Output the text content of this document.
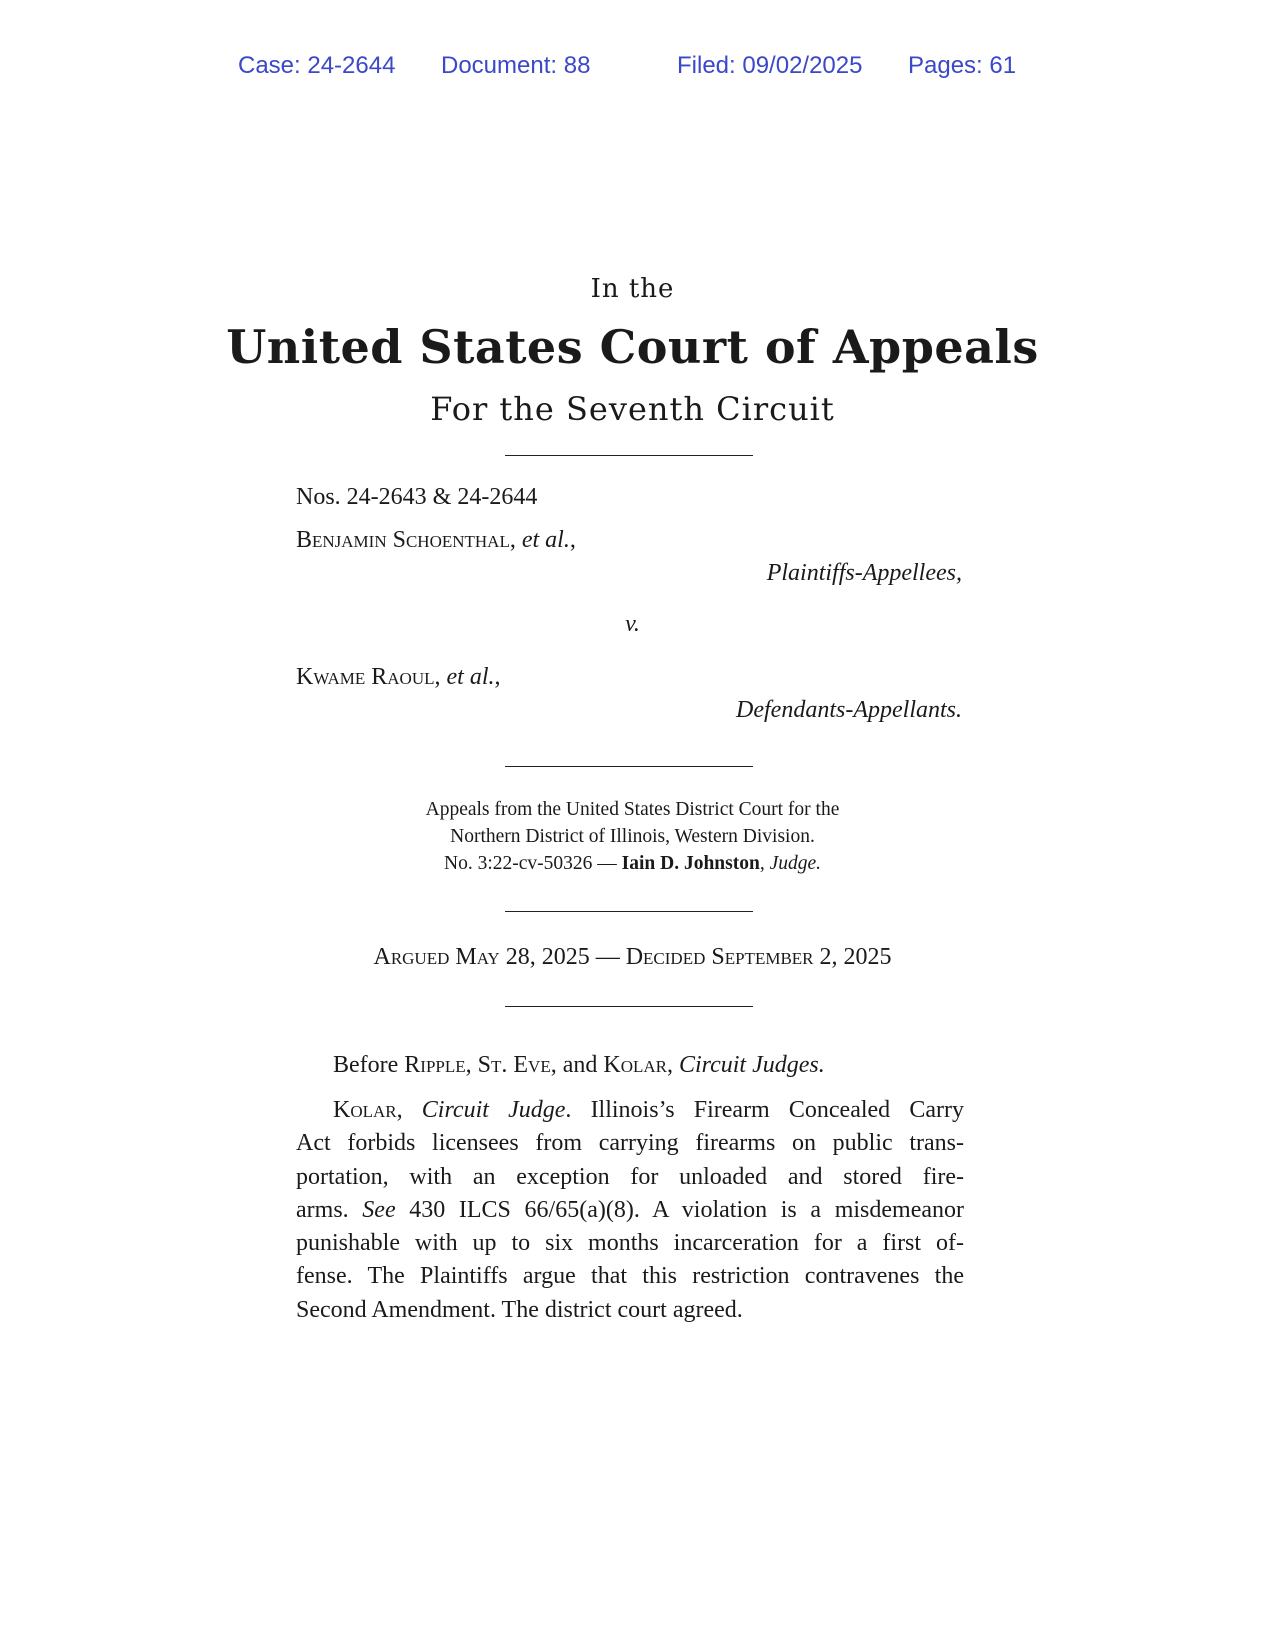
Case: 24-2644 Document: 88	Filed: 09/02/2025 Pages: 61
In the
United States Court of Appeals
For the Seventh Circuit
Nos. 24-2643 & 24-2644
Benjamin Schoenthal, et al.,
Plaintiffs-Appellees,
v.
Kwame Raoul, et al.,
Defendants-Appellants.
Appeals from the United States District Court for the
Northern District of Illinois, Western Division.
No. 3:22-cv-50326 — Iain D. Johnston, Judge.
Argued May 28, 2025 — Decided September 2, 2025
Before Ripple, St. Eve, and Kolar, Circuit Judges.
Kolar, Circuit Judge. Illinois’s Firearm Concealed Carry
Act forbids licensees from carrying firearms on public trans-
portation, with an exception for unloaded and stored fire-
arms. See 430 ILCS 66/65(a)(8). A violation is a misdemeanor
punishable with up to six months incarceration for a first of-
fense. The Plaintiffs argue that this restriction contravenes the
Second Amendment. The district court agreed.
